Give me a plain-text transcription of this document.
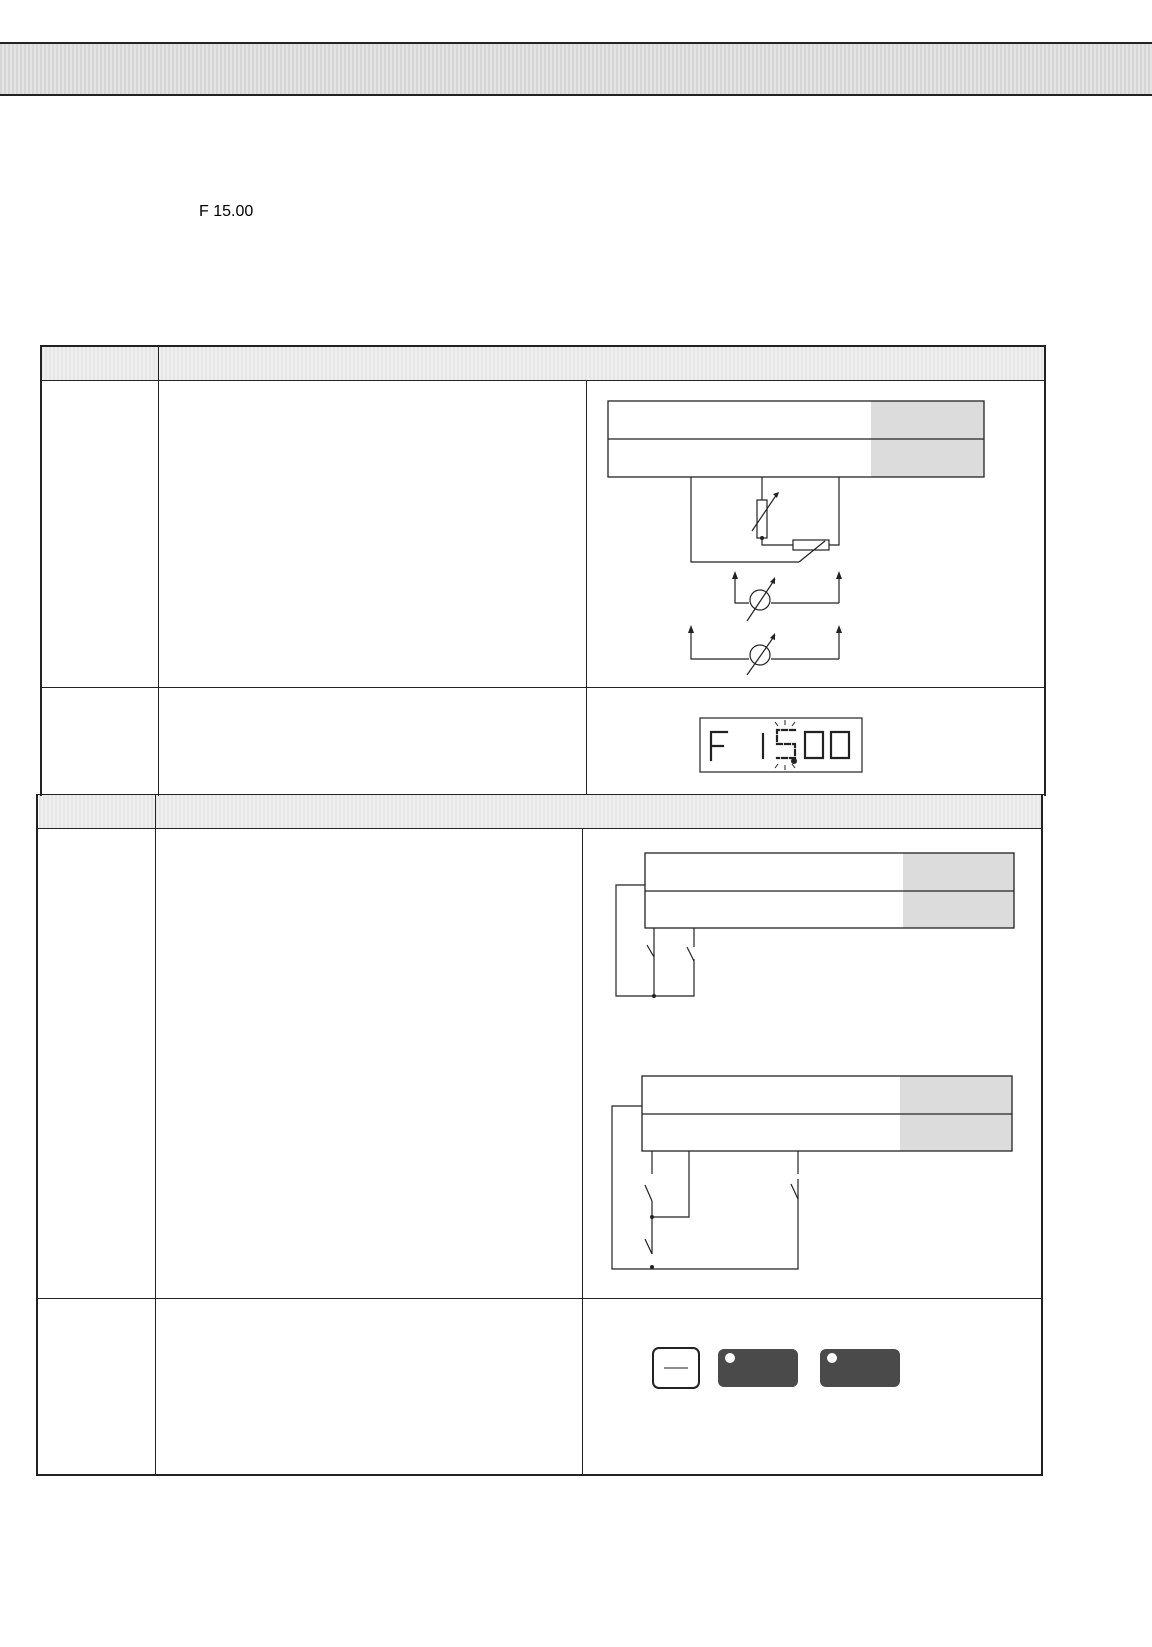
F 15.00
